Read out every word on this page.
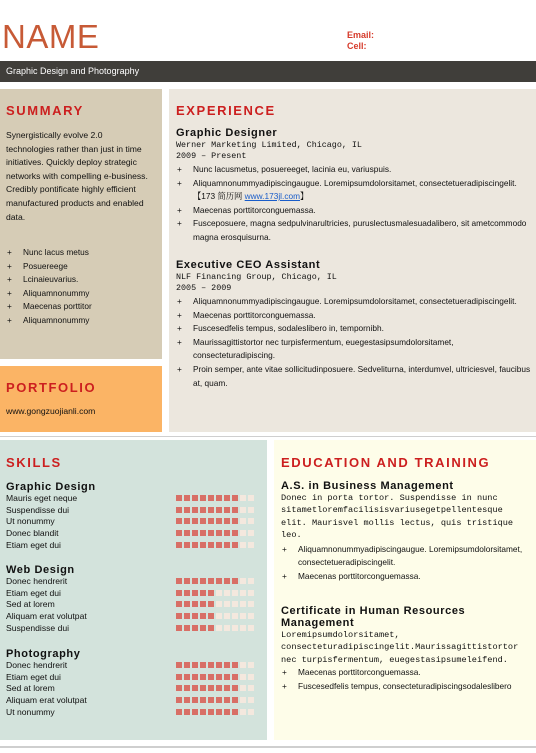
NAME	Email:
Cell:
Graphic Design and Photography
SUMMARY
Synergistically evolve 2.0 technologies rather than just in time initiatives. Quickly deploy strategic networks with compelling e-business. Credibly pontificate highly efficient manufactured products and enabled data.
+ Nunc lacus metus
+ Posuereege
+ Lcinaieuvarius.
+ Aliquamnonummy
+ Maecenas porttitor
+ Aliquamnonummy
PORTFOLIO
www.gongzuojianli.com
EXPERIENCE
Graphic Designer
Werner Marketing Limited, Chicago, IL
2009 – Present
+ Nunc lacusmetus, posuereeget, lacinia eu, variuspuis.
+ Aliquamnonummyadipiscingaugue. Loremipsumdolorsitamet, consectetueradipiscingelit.【173 简历网 www.173jl.com】
+ Maecenas porttitorconguemassa.
+ Fusceposuere, magna sedpulvinarultricies, puruslectusmalesuadalibero, sit ametcommodo magna erosquisurna.
Executive CEO Assistant
NLF Financing Group, Chicago, IL
2005 – 2009
+ Aliquamnonummyadipiscingaugue. Loremipsumdolorsitamet, consectetueradipiscingelit.
+ Maecenas porttitorconguemassa.
+ Fuscesedfelis tempus, sodaleslibero in, tempornibh.
+ Maurissagittistortor nec turpisfermentum, euegestasipsumdolorsitamet, consecteturadipiscing.
+ Proin semper, ante vitae sollicitudinposuere. Sedveliturna, interdumvel, ultriciesvel, faucibus at, quam.
SKILLS
Graphic Design
Mauris eget neque
Suspendisse dui
Ut nonummy
Donec blandit
Etiam eget dui
Web Design
Donec hendrerit
Etiam eget dui
Sed at lorem
Aliquam erat volutpat
Suspendisse dui
Photography
Donec hendrerit
Etiam eget dui
Sed at lorem
Aliquam erat volutpat
Ut nonummy
EDUCATION AND TRAINING
A.S. in Business Management
Donec in porta tortor. Suspendisse in nunc sitametloremfacilisisvariusegetpellentesque elit. Maurisvel mollis lectus, quis tristique leo.
+ Aliquamnonummyadipiscingaugue. Loremipsumdolorsitamet, consectetueradipiscingelit.
+ Maecenas porttitorconguemassa.
Certificate in Human Resources Management
Loremipsumdolorsitamet, consecteturadipiscingelit.Maurissagittistortor nec turpisfermentum, euegestasipsumeleifend.
+ Maecenas porttitorconguemassa.
+ Fuscesedfelis tempus, consecteturadipiscingsodaleslibero
